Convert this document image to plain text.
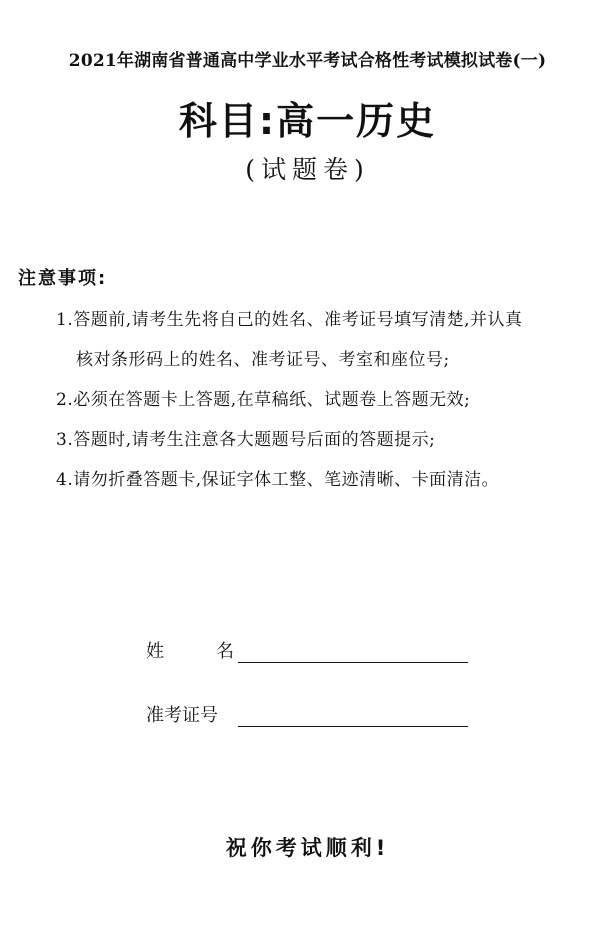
2021年湖南省普通高中学业水平考试合格性考试模拟试卷(一)
科目:高一历史
(试题卷)
注意事项:
1.答题前,请考生先将自己的姓名、准考证号填写清楚,并认真
核对条形码上的姓名、准考证号、考室和座位号;
2.必须在答题卡上答题,在草稿纸、试题卷上答题无效;
3.答题时,请考生注意各大题题号后面的答题提示;
4.请勿折叠答题卡,保证字体工整、笔迹清晰、卡面清洁。
姓	名
准考证号
祝你考试顺利!
